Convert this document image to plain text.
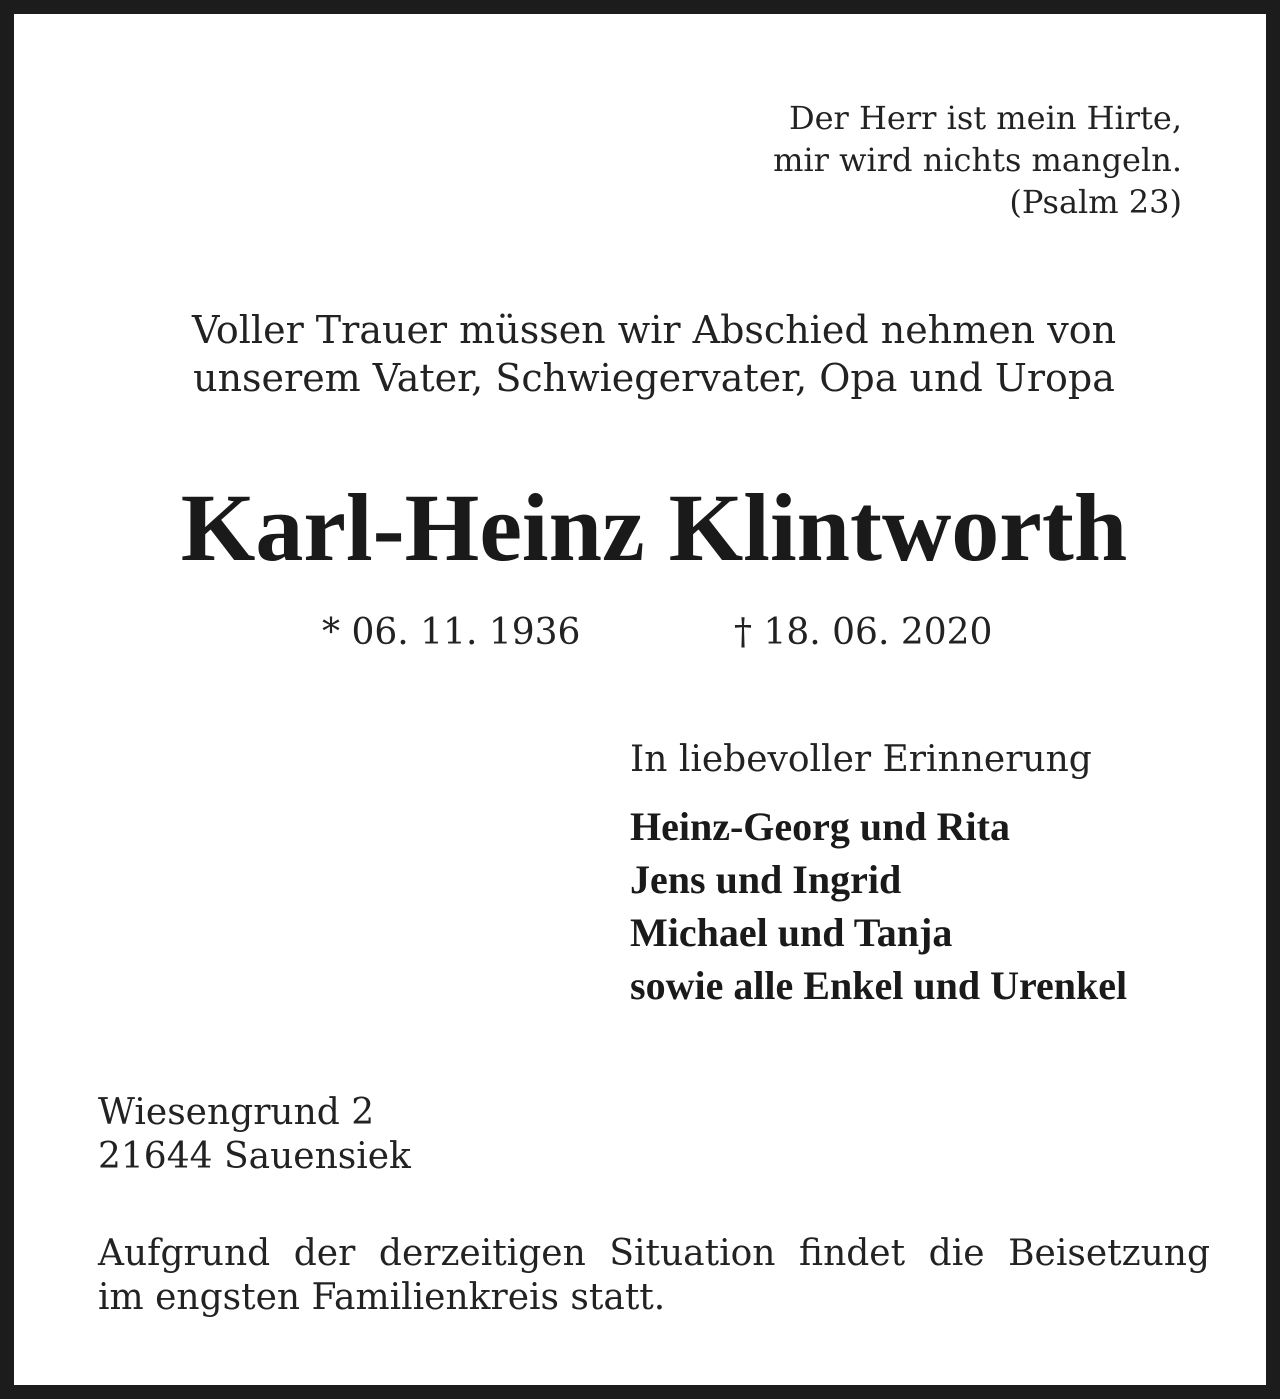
Der Herr ist mein Hirte,
mir wird nichts mangeln.
(Psalm 23)
Voller Trauer müssen wir Abschied nehmen von
unserem Vater, Schwiegervater, Opa und Uropa
Karl-Heinz Klintworth
* 06. 11. 1936	† 18. 06. 2020
In liebevoller Erinnerung
Heinz-Georg und Rita
Jens und Ingrid
Michael und Tanja
sowie alle Enkel und Urenkel
Wiesengrund 2
21644 Sauensiek
Aufgrund der derzeitigen Situation findet die Beisetzung
im engsten Familienkreis statt.
